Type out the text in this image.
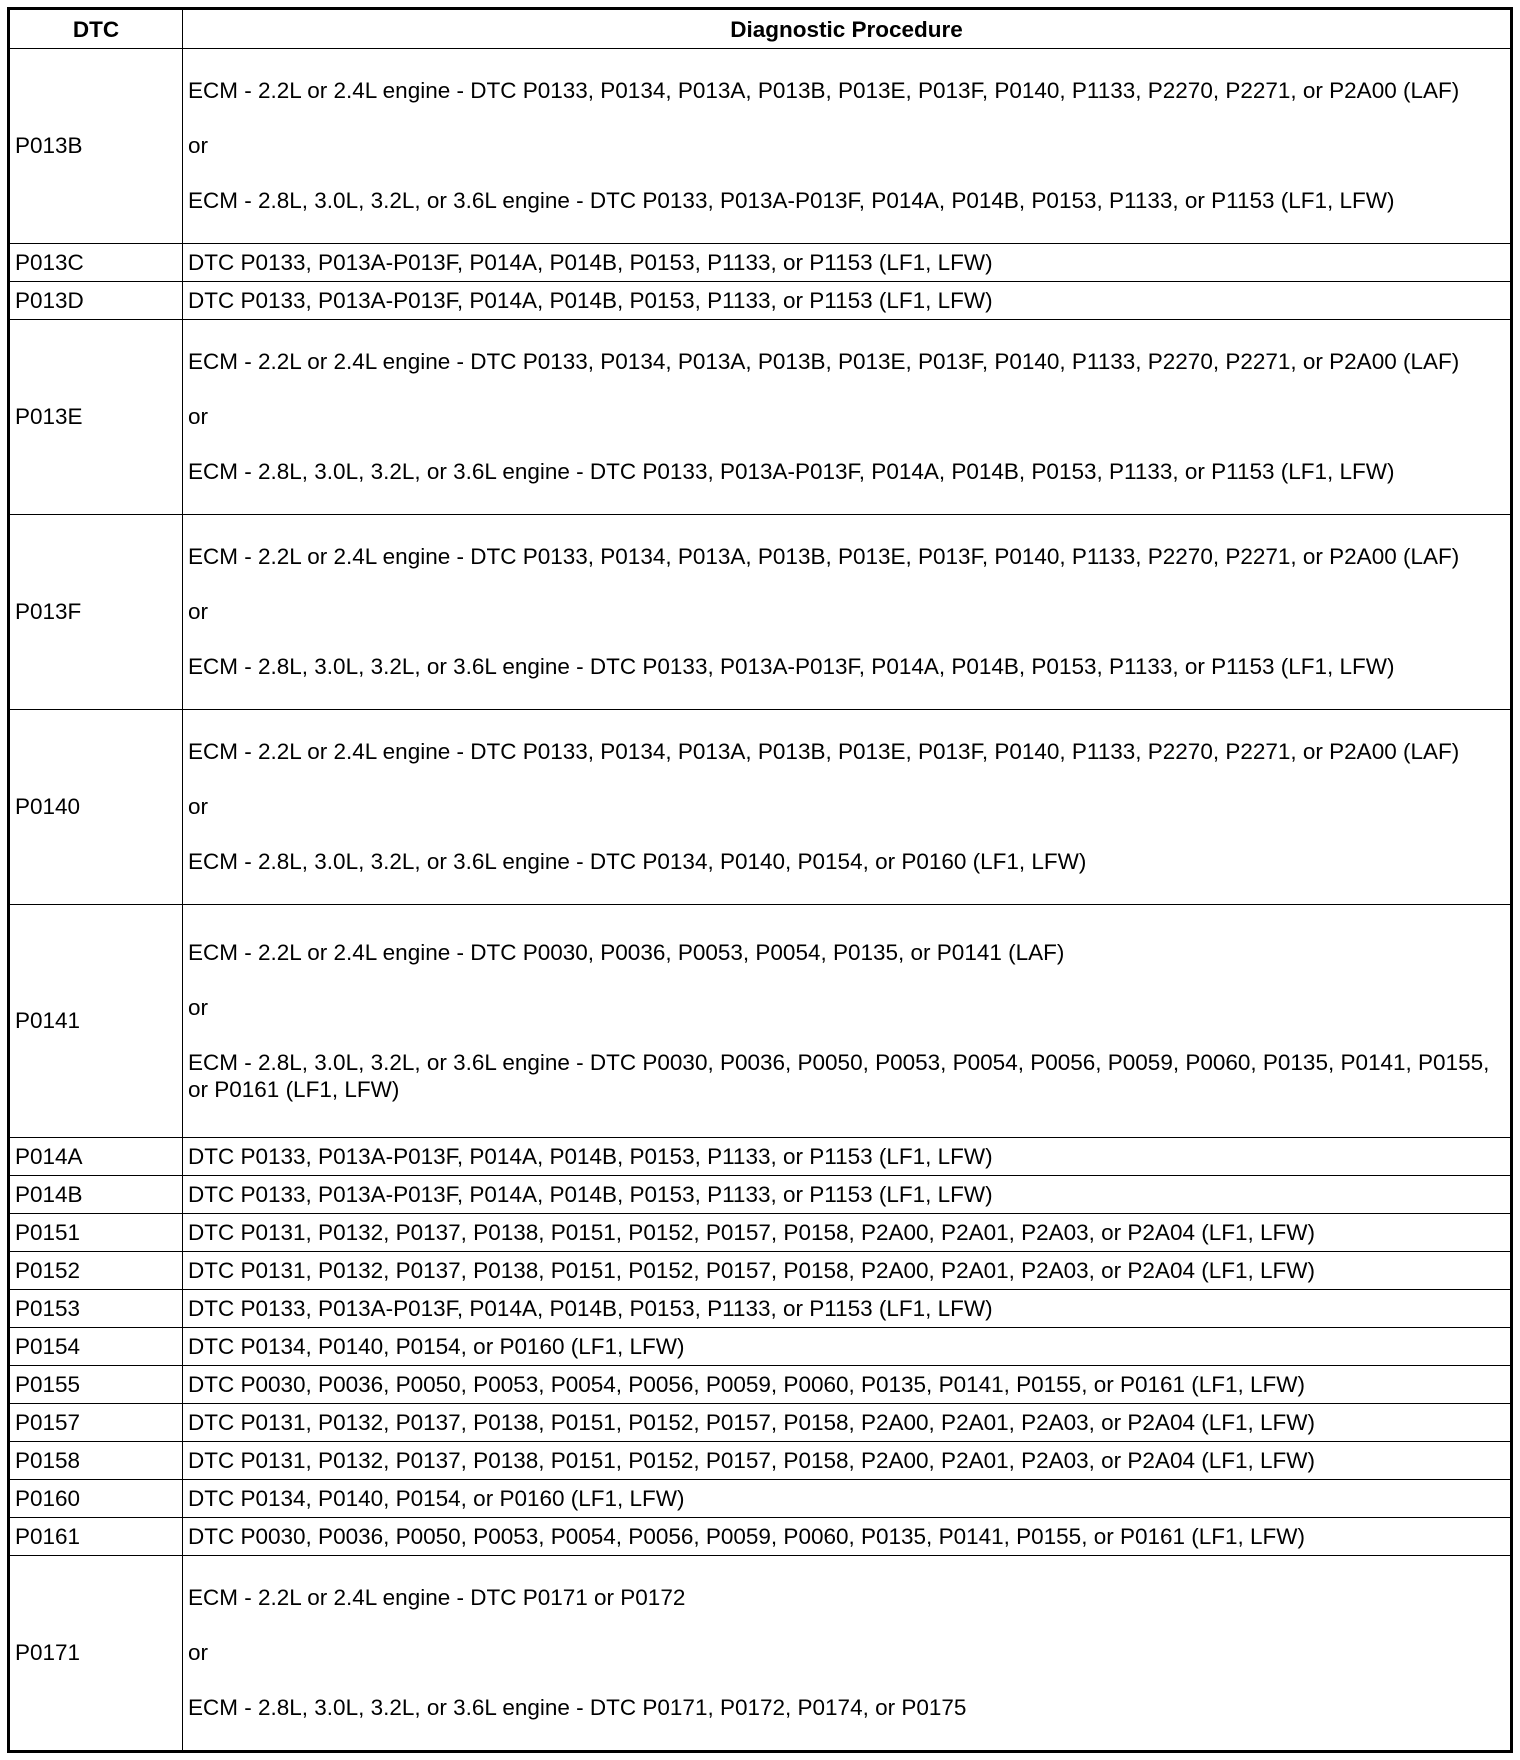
DTC	Diagnostic Procedure
P013B	ECM - 2.2L or 2.4L engine - DTC P0133, P0134, P013A, P013B, P013E, P013F, P0140, P1133, P2270, P2271, or P2A00 (LAF)
or
ECM - 2.8L, 3.0L, 3.2L, or 3.6L engine - DTC P0133, P013A-P013F, P014A, P014B, P0153, P1133, or P1153 (LF1, LFW)

P013C	DTC P0133, P013A-P013F, P014A, P014B, P0153, P1133, or P1153 (LF1, LFW)

P013D	DTC P0133, P013A-P013F, P014A, P014B, P0153, P1133, or P1153 (LF1, LFW)

P013E	ECM - 2.2L or 2.4L engine - DTC P0133, P0134, P013A, P013B, P013E, P013F, P0140, P1133, P2270, P2271, or P2A00 (LAF)
or
ECM - 2.8L, 3.0L, 3.2L, or 3.6L engine - DTC P0133, P013A-P013F, P014A, P014B, P0153, P1133, or P1153 (LF1, LFW)

P013F	ECM - 2.2L or 2.4L engine - DTC P0133, P0134, P013A, P013B, P013E, P013F, P0140, P1133, P2270, P2271, or P2A00 (LAF)
or
ECM - 2.8L, 3.0L, 3.2L, or 3.6L engine - DTC P0133, P013A-P013F, P014A, P014B, P0153, P1133, or P1153 (LF1, LFW)

P0140	ECM - 2.2L or 2.4L engine - DTC P0133, P0134, P013A, P013B, P013E, P013F, P0140, P1133, P2270, P2271, or P2A00 (LAF)
or
ECM - 2.8L, 3.0L, 3.2L, or 3.6L engine - DTC P0134, P0140, P0154, or P0160 (LF1, LFW)

P0141	ECM - 2.2L or 2.4L engine - DTC P0030, P0036, P0053, P0054, P0135, or P0141 (LAF)
or
ECM - 2.8L, 3.0L, 3.2L, or 3.6L engine - DTC P0030, P0036, P0050, P0053, P0054, P0056, P0059, P0060, P0135, P0141, P0155, or P0161 (LF1, LFW)

P014A	DTC P0133, P013A-P013F, P014A, P014B, P0153, P1133, or P1153 (LF1, LFW)

P014B	DTC P0133, P013A-P013F, P014A, P014B, P0153, P1133, or P1153 (LF1, LFW)

P0151	DTC P0131, P0132, P0137, P0138, P0151, P0152, P0157, P0158, P2A00, P2A01, P2A03, or P2A04 (LF1, LFW)

P0152	DTC P0131, P0132, P0137, P0138, P0151, P0152, P0157, P0158, P2A00, P2A01, P2A03, or P2A04 (LF1, LFW)

P0153	DTC P0133, P013A-P013F, P014A, P014B, P0153, P1133, or P1153 (LF1, LFW)

P0154	DTC P0134, P0140, P0154, or P0160 (LF1, LFW)

P0155	DTC P0030, P0036, P0050, P0053, P0054, P0056, P0059, P0060, P0135, P0141, P0155, or P0161 (LF1, LFW)

P0157	DTC P0131, P0132, P0137, P0138, P0151, P0152, P0157, P0158, P2A00, P2A01, P2A03, or P2A04 (LF1, LFW)

P0158	DTC P0131, P0132, P0137, P0138, P0151, P0152, P0157, P0158, P2A00, P2A01, P2A03, or P2A04 (LF1, LFW)

P0160	DTC P0134, P0140, P0154, or P0160 (LF1, LFW)

P0161	DTC P0030, P0036, P0050, P0053, P0054, P0056, P0059, P0060, P0135, P0141, P0155, or P0161 (LF1, LFW)

P0171	ECM - 2.2L or 2.4L engine - DTC P0171 or P0172
or
ECM - 2.8L, 3.0L, 3.2L, or 3.6L engine - DTC P0171, P0172, P0174, or P0175
